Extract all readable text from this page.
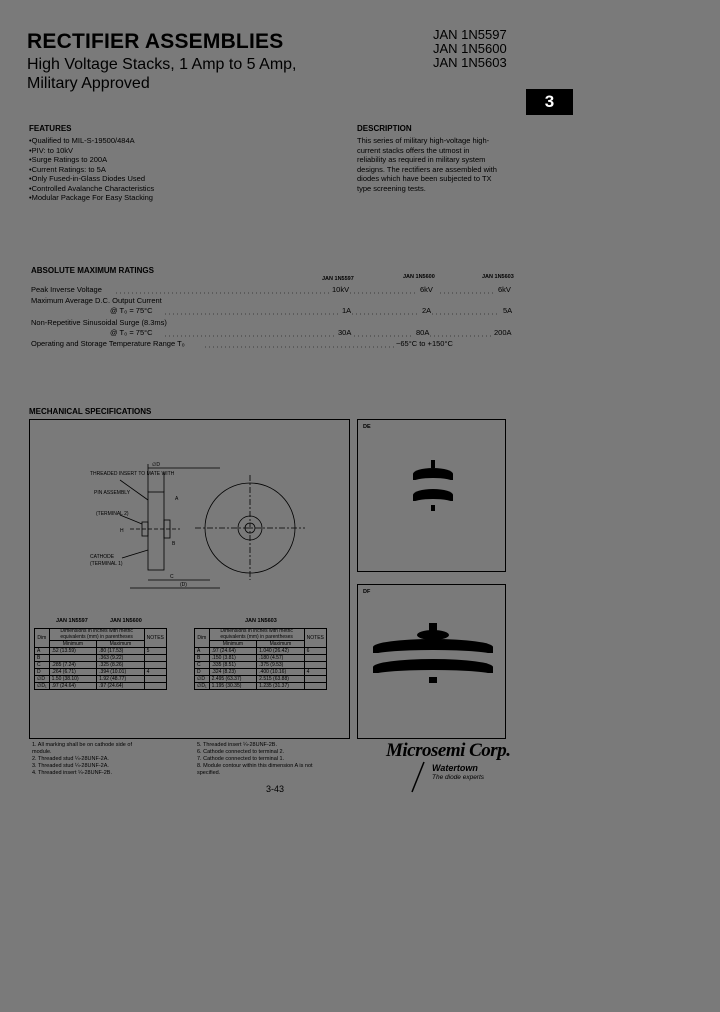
RECTIFIER ASSEMBLIES
High Voltage Stacks, 1 Amp to 5 Amp,
Military Approved
JAN 1N5597
JAN 1N5600
JAN 1N5603
3
FEATURES
• Qualified to MIL-S-19500/484A
• PIV: to 10kV
• Surge Ratings to 200A
• Current Ratings: to 5A
• Only Fused-in-Glass Diodes Used
• Controlled Avalanche Characteristics
• Modular Package For Easy Stacking
DESCRIPTION
This series of military high-voltage high-
current stacks offers the utmost in
reliability as required in military system
designs. The rectifiers are assembled with
diodes which have been subjected to TX
type screening tests.
ABSOLUTE MAXIMUM RATINGS
JAN 1N5597	JAN 1N5600	JAN 1N5603
Peak Inverse Voltage	10kV	6kV	6kV
Maximum Average D.C. Output Current
@ T₀ = 75°C	1A	2A	5A
Non-Repetitive Sinusoidal Surge (8.3ms)
@ T₀ = 75°C	30A	80A	200A
Operating and Storage Temperature Range T₀	−65°C to +150°C
MECHANICAL SPECIFICATIONS
THREADED INSERT TO MATE WITH
PIN ASSEMBLY
(TERMINAL 2)
CATHODE
(TERMINAL 1)
∅D
A
B
C
H
(D)
JAN 1N5597	JAN 1N5600	JAN 1N5603
Dim	Dimensions in inches with metric equivalents (mm) in parentheses		NOTES
	Minimum	Maximum	
A	.52 (13.59)	.80 (17.53)	5
B		.363 (9.22)	
C	.285 (7.24)	.325 (8.26)	
D	.264 (6.71)	.394 (10.01)	4
∅D	1.50 (38.10)	1.92 (48.77)	
∅D₁	.97 (24.64)	.97 (24.64)	
Dim	Dimensions in inches with metric equivalents (mm) in parentheses		NOTES
	Minimum	Maximum	
A	.97 (24.64)	1.040 (26.42)	6
B	.150 (3.81)	.180 (4.57)	
C	.335 (8.51)	.375 (9.53)	
D	.324 (8.23)	.400 (10.16)	4
∅D	2.495 (63.37)	2.515 (63.88)	
∅D₁	1.195 (30.35)	1.235 (31.37)	
DE
DF
1. All marking shall be on cathode side of
module.
2. Threaded stud ¼-28UNF-2A.
3. Threaded stud ¼-28UNF-2A.
4. Threaded insert ¼-28UNF-2B.
5. Threaded insert ¼-28UNF-2B.
6. Cathode connected to terminal 2.
7. Cathode connected to terminal 1.
8. Module contour within this dimension A is not
specified.
3-43
Microsemi Corp.
Watertown
The diode experts
